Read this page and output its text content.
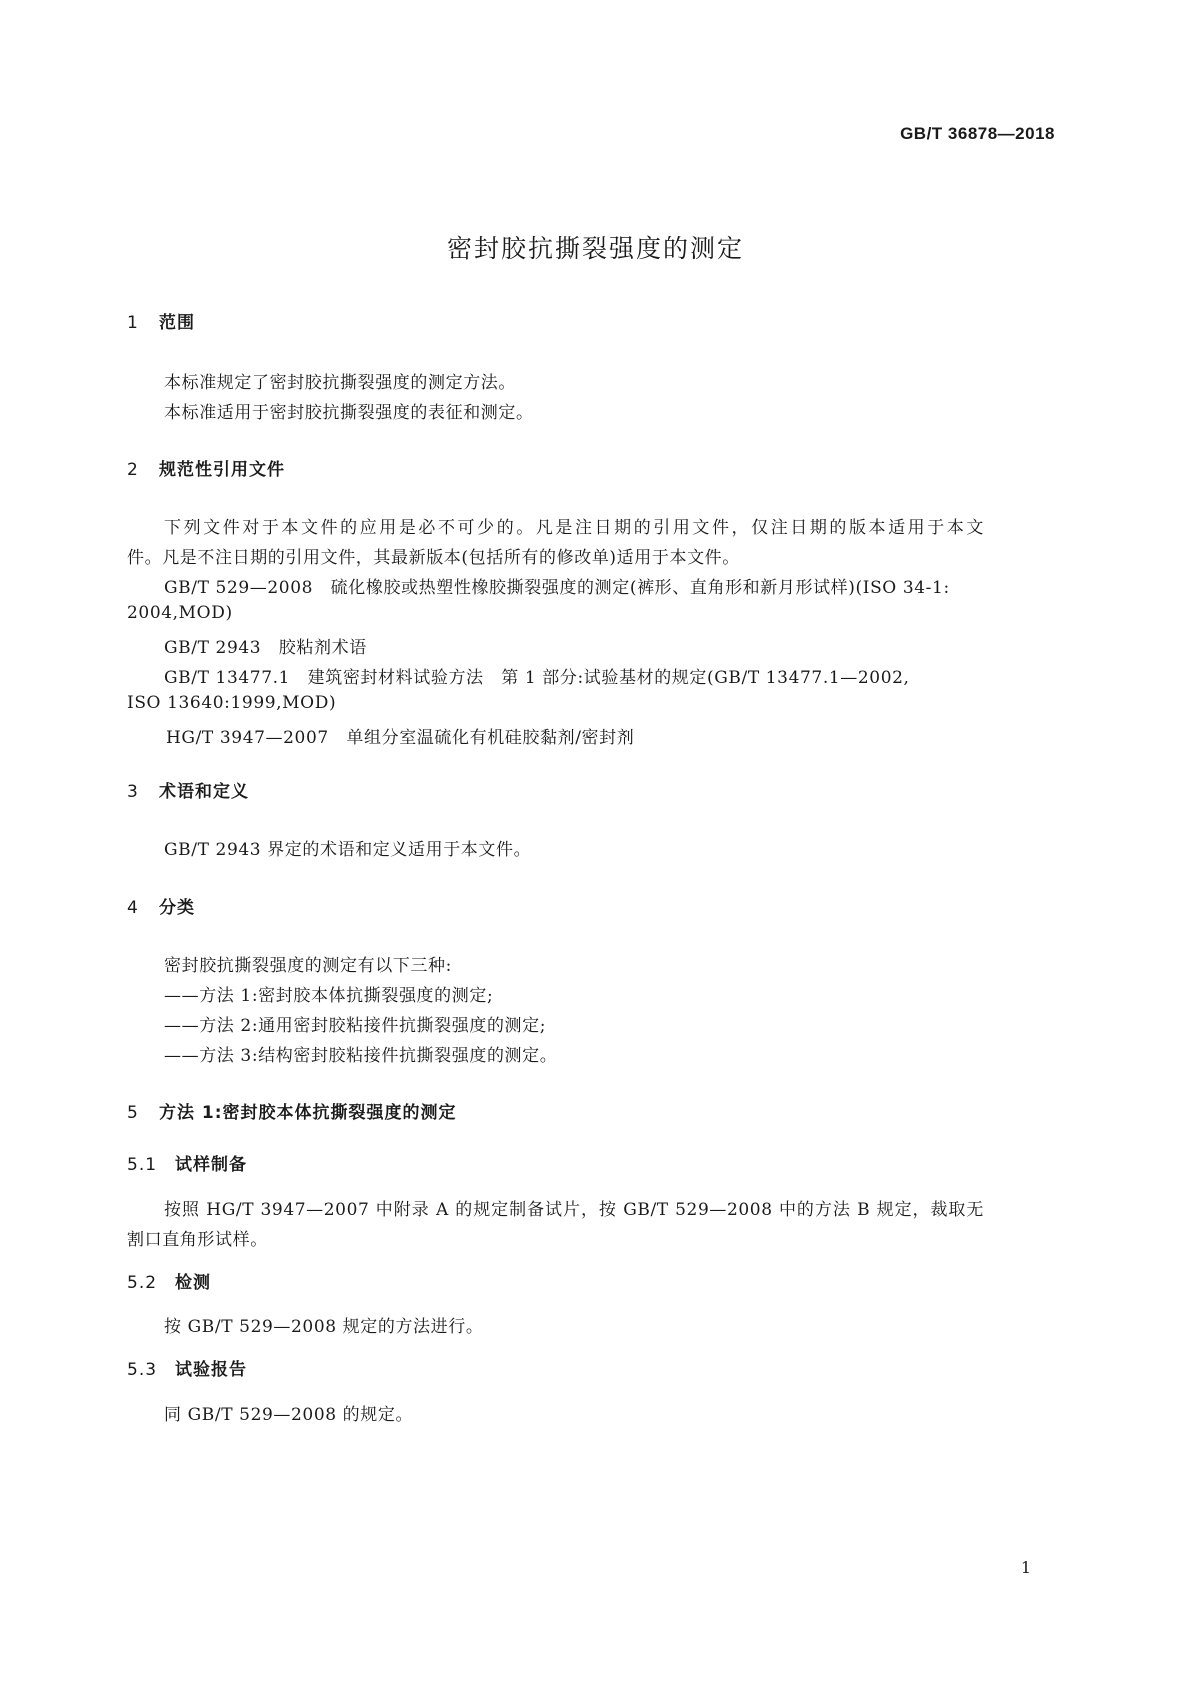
GB/T 36878—2018
密封胶抗撕裂强度的测定
1 范围
本标准规定了密封胶抗撕裂强度的测定方法。
本标准适用于密封胶抗撕裂强度的表征和测定。
2 规范性引用文件
下列文件对于本文件的应用是必不可少的。凡是注日期的引用文件，仅注日期的版本适用于本文
件。凡是不注日期的引用文件，其最新版本(包括所有的修改单)适用于本文件。
GB/T 529—2008　硫化橡胶或热塑性橡胶撕裂强度的测定(裤形、直角形和新月形试样)(ISO 34-1:
2004,MOD)
GB/T 2943　胶粘剂术语
GB/T 13477.1　建筑密封材料试验方法　第 1 部分:试验基材的规定(GB/T 13477.1—2002,
ISO 13640:1999,MOD)
HG/T 3947—2007　单组分室温硫化有机硅胶黏剂/密封剂
3 术语和定义
GB/T 2943 界定的术语和定义适用于本文件。
4 分类
密封胶抗撕裂强度的测定有以下三种:
——方法 1:密封胶本体抗撕裂强度的测定;
——方法 2:通用密封胶粘接件抗撕裂强度的测定;
——方法 3:结构密封胶粘接件抗撕裂强度的测定。
5 方法 1:密封胶本体抗撕裂强度的测定
5.1 试样制备
按照 HG/T 3947—2007 中附录 A 的规定制备试片，按 GB/T 529—2008 中的方法 B 规定，裁取无
割口直角形试样。
5.2 检测
按 GB/T 529—2008 规定的方法进行。
5.3 试验报告
同 GB/T 529—2008 的规定。
1
